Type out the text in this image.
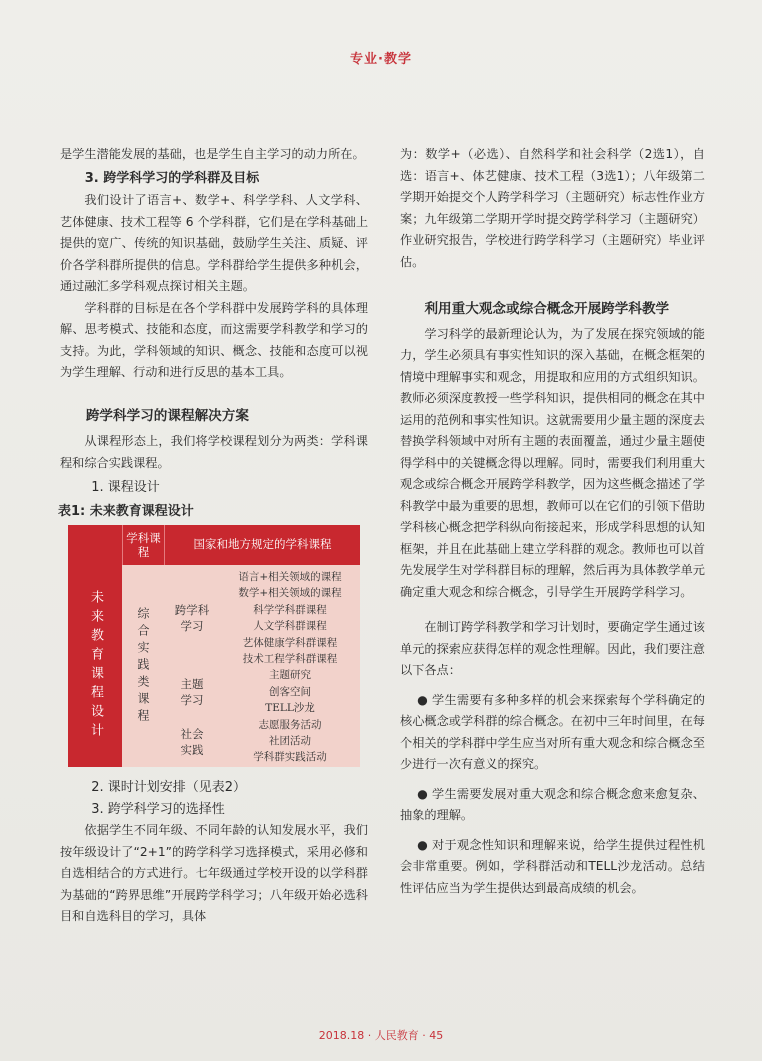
专业·教学
是学生潜能发展的基础，也是学生自主学习的动力所在。
3. 跨学科学习的学科群及目标
我们设计了语言+、数学+、科学学科、人文学科、艺体健康、技术工程等 6 个学科群，它们是在学科基础上提供的宽广、传统的知识基础，鼓励学生关注、质疑、评价各学科群所提供的信息。学科群给学生提供多种机会，通过融汇多学科观点探讨相关主题。
学科群的目标是在各个学科群中发展跨学科的具体理解、思考模式、技能和态度，而这需要学科教学和学习的支持。为此，学科领域的知识、概念、技能和态度可以视为学生理解、行动和进行反思的基本工具。
跨学科学习的课程解决方案
从课程形态上，我们将学校课程划分为两类：学科课程和综合实践课程。
1. 课程设计
表1: 未来教育课程设计
学科课程
国家和地方规定的学科课程
未来教育课程设计	综合实践类课程 跨学科学习
主题学习
社会实践
语言+相关领域的课程
数学+相关领域的课程
科学学科群课程
人文学科群课程
艺体健康学科群课程
技术工程学科群课程
主题研究
创客空间
TELL沙龙
志愿服务活动
社团活动
学科群实践活动
2. 课时计划安排（见表2）
3. 跨学科学习的选择性
依据学生不同年级、不同年龄的认知发展水平，我们按年级设计了“2+1”的跨学科学习选择模式，采用必修和自选相结合的方式进行。七年级通过学校开设的以学科群为基础的“跨界思维”开展跨学科学习；八年级开始必选科目和自选科目的学习，具体
为：数学+（必选）、自然科学和社会科学（2选1），自选：语言+、体艺健康、技术工程（3选1）；八年级第二学期开始提交个人跨学科学习（主题研究）标志性作业方案；九年级第二学期开学时提交跨学科学习（主题研究）作业研究报告，学校进行跨学科学习（主题研究）毕业评估。
利用重大观念或综合概念开展跨学科教学
学习科学的最新理论认为，为了发展在探究领域的能力，学生必须具有事实性知识的深入基础，在概念框架的情境中理解事实和观念，用提取和应用的方式组织知识。教师必须深度教授一些学科知识，提供相同的概念在其中运用的范例和事实性知识。这就需要用少量主题的深度去替换学科领域中对所有主题的表面覆盖，通过少量主题使得学科中的关键概念得以理解。同时，需要我们利用重大观念或综合概念开展跨学科教学，因为这些概念描述了学科教学中最为重要的思想，教师可以在它们的引领下借助学科核心概念把学科纵向衔接起来，形成学科思想的认知框架，并且在此基础上建立学科群的观念。教师也可以首先发展学生对学科群目标的理解，然后再为具体教学单元确定重大观念和综合概念，引导学生开展跨学科学习。
在制订跨学科教学和学习计划时，要确定学生通过该单元的探索应获得怎样的观念性理解。因此，我们要注意以下各点：
● 学生需要有多种多样的机会来探索每个学科确定的核心概念或学科群的综合概念。在初中三年时间里，在每个相关的学科群中学生应当对所有重大观念和综合概念至少进行一次有意义的探究。
● 学生需要发展对重大观念和综合概念愈来愈复杂、抽象的理解。
● 对于观念性知识和理解来说，给学生提供过程性机会非常重要。例如，学科群活动和TELL沙龙活动。总结性评估应当为学生提供达到最高成绩的机会。
2018.18 · 人民教育 · 45
